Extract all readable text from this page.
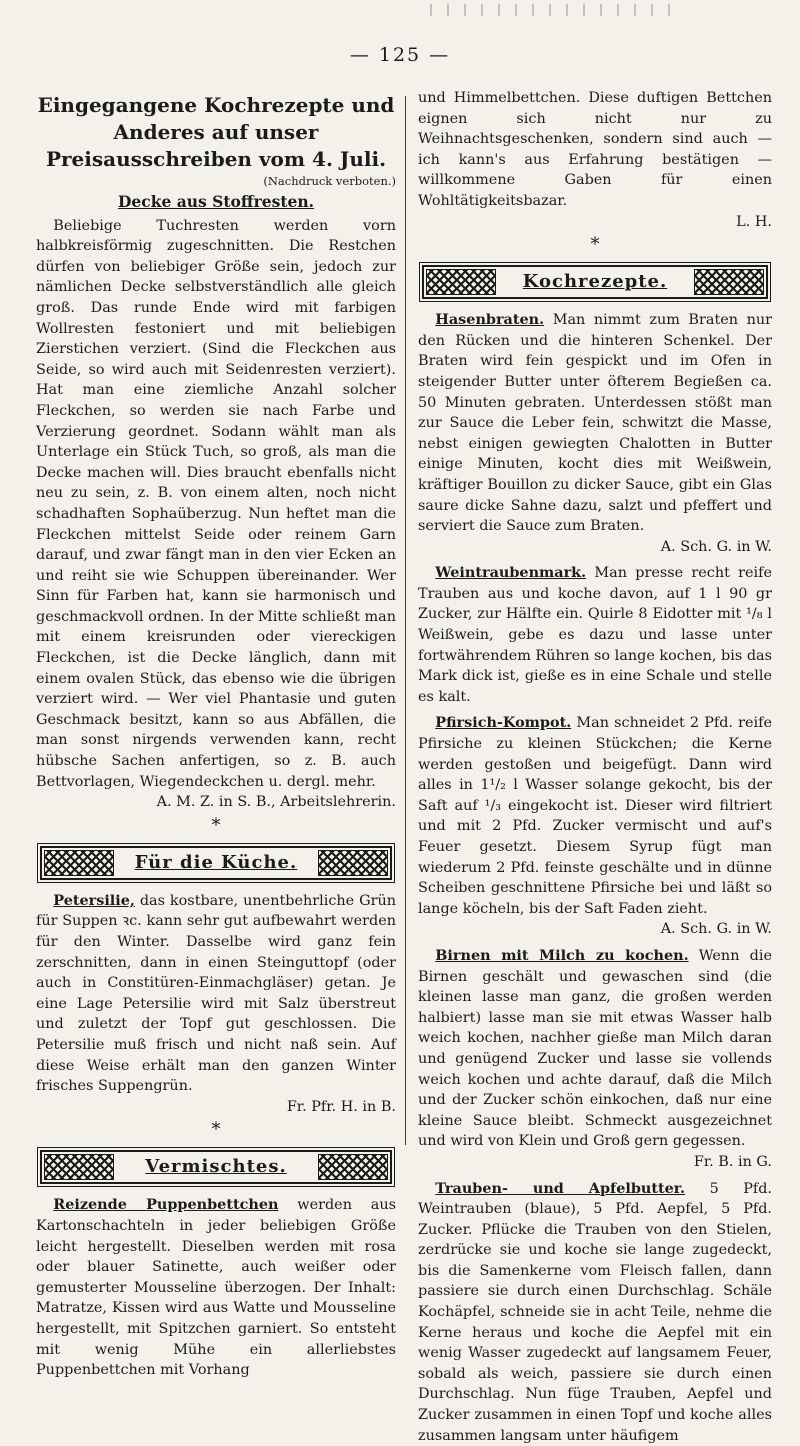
— 125 —
Eingegangene Kochrezepte und Anderes auf unser Preisausschreiben vom 4. Juli.
(Nachdruck verboten.)
Decke aus Stoffresten.

Beliebige Tuchresten werden vorn halbkreisförmig zugeschnitten. Die Restchen dürfen von beliebiger Größe sein, jedoch zur nämlichen Decke selbstverständlich alle gleich groß. Das runde Ende wird mit farbigen Wollresten festoniert und mit beliebigen Zierstichen verziert. (Sind die Fleckchen aus Seide, so wird auch mit Seidenresten verziert). Hat man eine ziemliche Anzahl solcher Fleckchen, so werden sie nach Farbe und Verzierung geordnet. Sodann wählt man als Unterlage ein Stück Tuch, so groß, als man die Decke machen will. Dies braucht ebenfalls nicht neu zu sein, z. B. von einem alten, noch nicht schadhaften Sophaüberzug. Nun heftet man die Fleckchen mittelst Seide oder reinem Garn darauf, und zwar fängt man in den vier Ecken an und reiht sie wie Schuppen übereinander. Wer Sinn für Farben hat, kann sie harmonisch und geschmackvoll ordnen. In der Mitte schließt man mit einem kreisrunden oder viereckigen Fleckchen, ist die Decke länglich, dann mit einem ovalen Stück, das ebenso wie die übrigen verziert wird. — Wer viel Phantasie und guten Geschmack besitzt, kann so aus Abfällen, die man sonst nirgends verwenden kann, recht hübsche Sachen anfertigen, so z. B. auch Bettvorlagen, Wiegendeckchen u. dergl. mehr.

A. M. Z. in S. B., Arbeitslehrerin.

*
Für die Küche.

Petersilie, das kostbare, unentbehrliche Grün für Suppen ꝛc. kann sehr gut aufbewahrt werden für den Winter. Dasselbe wird ganz fein zerschnitten, dann in einen Steinguttopf (oder auch in Constitüren-Einmachgläser) getan. Je eine Lage Petersilie wird mit Salz überstreut und zuletzt der Topf gut geschlossen. Die Petersilie muß frisch und nicht naß sein. Auf diese Weise erhält man den ganzen Winter frisches Suppengrün.

Fr. Pfr. H. in B.

*
Vermischtes.

Reizende Puppenbettchen werden aus Kartonschachteln in jeder beliebigen Größe leicht hergestellt. Dieselben werden mit rosa oder blauer Satinette, auch weißer oder gemusterter Mousseline überzogen. Der Inhalt: Matratze, Kissen wird aus Watte und Mousseline hergestellt, mit Spitzchen garniert. So entsteht mit wenig Mühe ein allerliebstes Puppenbettchen mit Vorhang

und Himmelbettchen. Diese duftigen Bettchen eignen sich nicht nur zu Weihnachtsgeschenken, sondern sind auch — ich kann's aus Erfahrung bestätigen — willkommene Gaben für einen Wohltätigkeitsbazar.

L. H.

*
Kochrezepte.

Hasenbraten. Man nimmt zum Braten nur den Rücken und die hinteren Schenkel. Der Braten wird fein gespickt und im Ofen in steigender Butter unter öfterem Begießen ca. 50 Minuten gebraten. Unterdessen stößt man zur Sauce die Leber fein, schwitzt die Masse, nebst einigen gewiegten Chalotten in Butter einige Minuten, kocht dies mit Weißwein, kräftiger Bouillon zu dicker Sauce, gibt ein Glas saure dicke Sahne dazu, salzt und pfeffert und serviert die Sauce zum Braten.

A. Sch. G. in W.

Weintraubenmark. Man presse recht reife Trauben aus und koche davon, auf 1 l 90 gr Zucker, zur Hälfte ein. Quirle 8 Eidotter mit ¹/₈ l Weißwein, gebe es dazu und lasse unter fortwährendem Rühren so lange kochen, bis das Mark dick ist, gieße es in eine Schale und stelle es kalt.

Pfirsich-Kompot. Man schneidet 2 Pfd. reife Pfirsiche zu kleinen Stückchen; die Kerne werden gestoßen und beigefügt. Dann wird alles in 1¹/₂ l Wasser solange gekocht, bis der Saft auf ¹/₃ eingekocht ist. Dieser wird filtriert und mit 2 Pfd. Zucker vermischt und auf's Feuer gesetzt. Diesem Syrup fügt man wiederum 2 Pfd. feinste geschälte und in dünne Scheiben geschnittene Pfirsiche bei und läßt so lange köcheln, bis der Saft Faden zieht.

A. Sch. G. in W.

Birnen mit Milch zu kochen. Wenn die Birnen geschält und gewaschen sind (die kleinen lasse man ganz, die großen werden halbiert) lasse man sie mit etwas Wasser halb weich kochen, nachher gieße man Milch daran und genügend Zucker und lasse sie vollends weich kochen und achte darauf, daß die Milch und der Zucker schön einkochen, daß nur eine kleine Sauce bleibt. Schmeckt ausgezeichnet und wird von Klein und Groß gern gegessen.

Fr. B. in G.

Trauben- und Apfelbutter. 5 Pfd. Weintrauben (blaue), 5 Pfd. Aepfel, 5 Pfd. Zucker. Pflücke die Trauben von den Stielen, zerdrücke sie und koche sie lange zugedeckt, bis die Samenkerne vom Fleisch fallen, dann passiere sie durch einen Durchschlag. Schäle Kochäpfel, schneide sie in acht Teile, nehme die Kerne heraus und koche die Aepfel mit ein wenig Wasser zugedeckt auf langsamem Feuer, sobald als weich, passiere sie durch einen Durchschlag. Nun füge Trauben, Aepfel und Zucker zusammen in einen Topf und koche alles zusammen langsam unter häufigem
